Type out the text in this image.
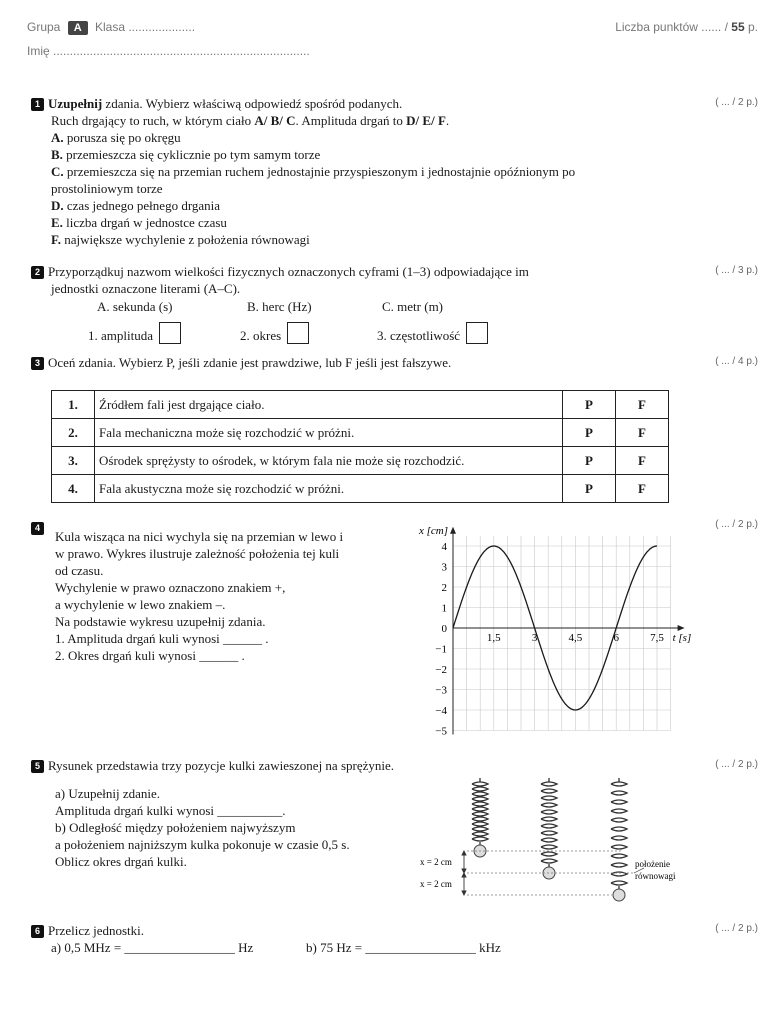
Grupa A Klasa ....................	Liczba punktów ...... / 55 p.
Imię .............................................................................
1 Uzupełnij zdania. Wybierz właściwą odpowiedź spośród podanych.
Ruch drgający to ruch, w którym ciało A/ B/ C. Amplituda drgań to D/ E/ F.
A. porusza się po okręgu
B. przemieszcza się cyklicznie po tym samym torze
C. przemieszcza się na przemian ruchem jednostajnie przyspieszonym i jednostajnie opóźnionym po
prostoliniowym torze
D. czas jednego pełnego drgania
E. liczba drgań w jednostce czasu
F. największe wychylenie z położenia równowagi
( ... / 2 p.)
2 Przyporządkuj nazwom wielkości fizycznych oznaczonych cyframi (1–3) odpowiadające im
jednostki oznaczone literami (A–C).
( ... / 3 p.)
A. sekunda (s)	B. herc (Hz)	C. metr (m)
1. amplituda	2. okres	3. częstotliwość
3 Oceń zdania. Wybierz P, jeśli zdanie jest prawdziwe, lub F jeśli jest fałszywe.	( ... / 4 p.)
1.	Źródłem fali jest drgające ciało.	P	F
2.	Fala mechaniczna może się rozchodzić w próżni.	P	F
3.	Ośrodek sprężysty to ośrodek, w którym fala nie może się rozchodzić.	P	F
4.	Fala akustyczna może się rozchodzić w próżni.	P	F
4	( ... / 2 p.)
Kula wisząca na nici wychyla się na przemian w lewo i
w prawo. Wykres ilustruje zależność położenia tej kuli
od czasu.
Wychylenie w prawo oznaczono znakiem +,
a wychylenie w lewo znakiem –.
Na podstawie wykresu uzupełnij zdania.
1. Amplituda drgań kuli wynosi ______ .
2. Okres drgań kuli wynosi ______ .
1,5	3	4,5	6	7,5
4
3
2
1
0
−1
−2
−3
−4
−5
x [cm]
t [s]
5 Rysunek przedstawia trzy pozycje kulki zawieszonej na sprężynie.	( ... / 2 p.)
a) Uzupełnij zdanie.
Amplituda drgań kulki wynosi __________.
b) Odległość między położeniem najwyższym
a położeniem najniższym kulka pokonuje w czasie 0,5 s.
Oblicz okres drgań kulki.	x = 2 cm
x = 2 cm
położenie
równowagi
6 Przelicz jednostki.	( ... / 2 p.)
a) 0,5 MHz = _________________ Hz	b) 75 Hz = _________________ kHz
